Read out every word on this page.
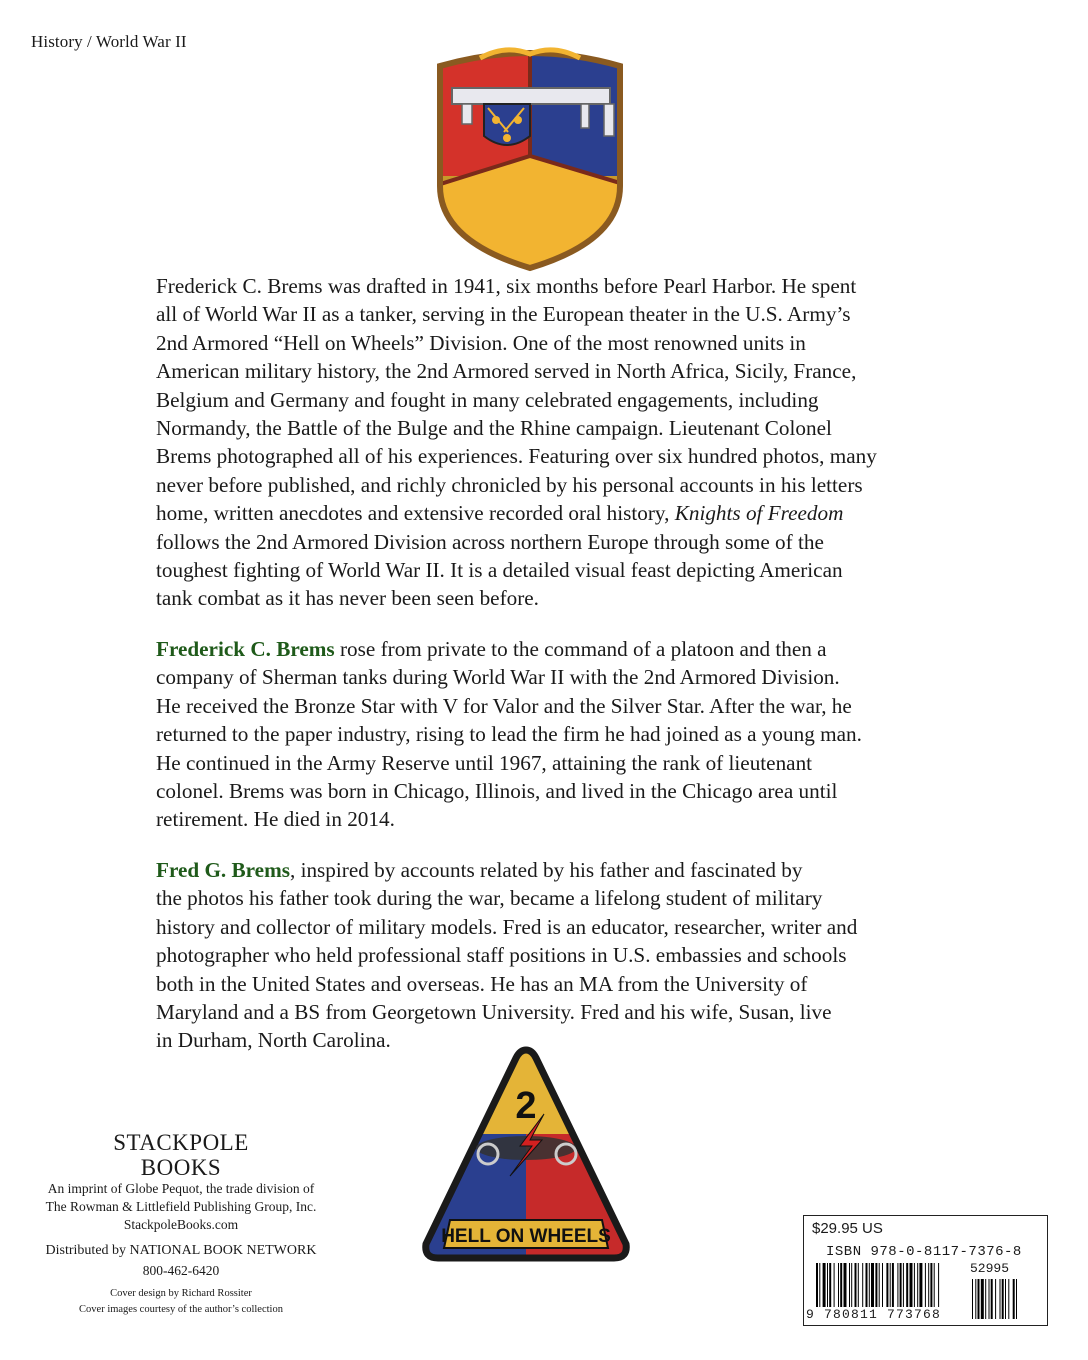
History / World War II

Frederick C. Brems was drafted in 1941, six months before Pearl Harbor. He spent
all of World War II as a tanker, serving in the European theater in the U.S. Army’s
2nd Armored “Hell on Wheels” Division. One of the most renowned units in
American military history, the 2nd Armored served in North Africa, Sicily, France,
Belgium and Germany and fought in many celebrated engagements, including
Normandy, the Battle of the Bulge and the Rhine campaign. Lieutenant Colonel
Brems photographed all of his experiences. Featuring over six hundred photos, many
never before published, and richly chronicled by his personal accounts in his letters
home, written anecdotes and extensive recorded oral history, Knights of Freedom
follows the 2nd Armored Division across northern Europe through some of the
toughest fighting of World War II. It is a detailed visual feast depicting American
tank combat as it has never been seen before.

Frederick C. Brems rose from private to the command of a platoon and then a
company of Sherman tanks during World War II with the 2nd Armored Division.
He received the Bronze Star with V for Valor and the Silver Star. After the war, he
returned to the paper industry, rising to lead the firm he had joined as a young man.
He continued in the Army Reserve until 1967, attaining the rank of lieutenant
colonel. Brems was born in Chicago, Illinois, and lived in the Chicago area until
retirement. He died in 2014.

Fred G. Brems, inspired by accounts related by his father and fascinated by
the photos his father took during the war, became a lifelong student of military
history and collector of military models. Fred is an educator, researcher, writer and
photographer who held professional staff positions in U.S. embassies and schools
both in the United States and overseas. He has an MA from the University of
Maryland and a BS from Georgetown University. Fred and his wife, Susan, live
in Durham, North Carolina.

2
HELL ON WHEELS
STACKPOLE
BOOKS
An imprint of Globe Pequot, the trade division of
The Rowman & Littlefield Publishing Group, Inc.
StackpoleBooks.com
Distributed by NATIONAL BOOK NETWORK
800-462-6420
Cover design by Richard Rossiter
Cover images courtesy of the author’s collection
$29.95 US
ISBN 978-0-8117-7376-8
52995
9 780811 773768
